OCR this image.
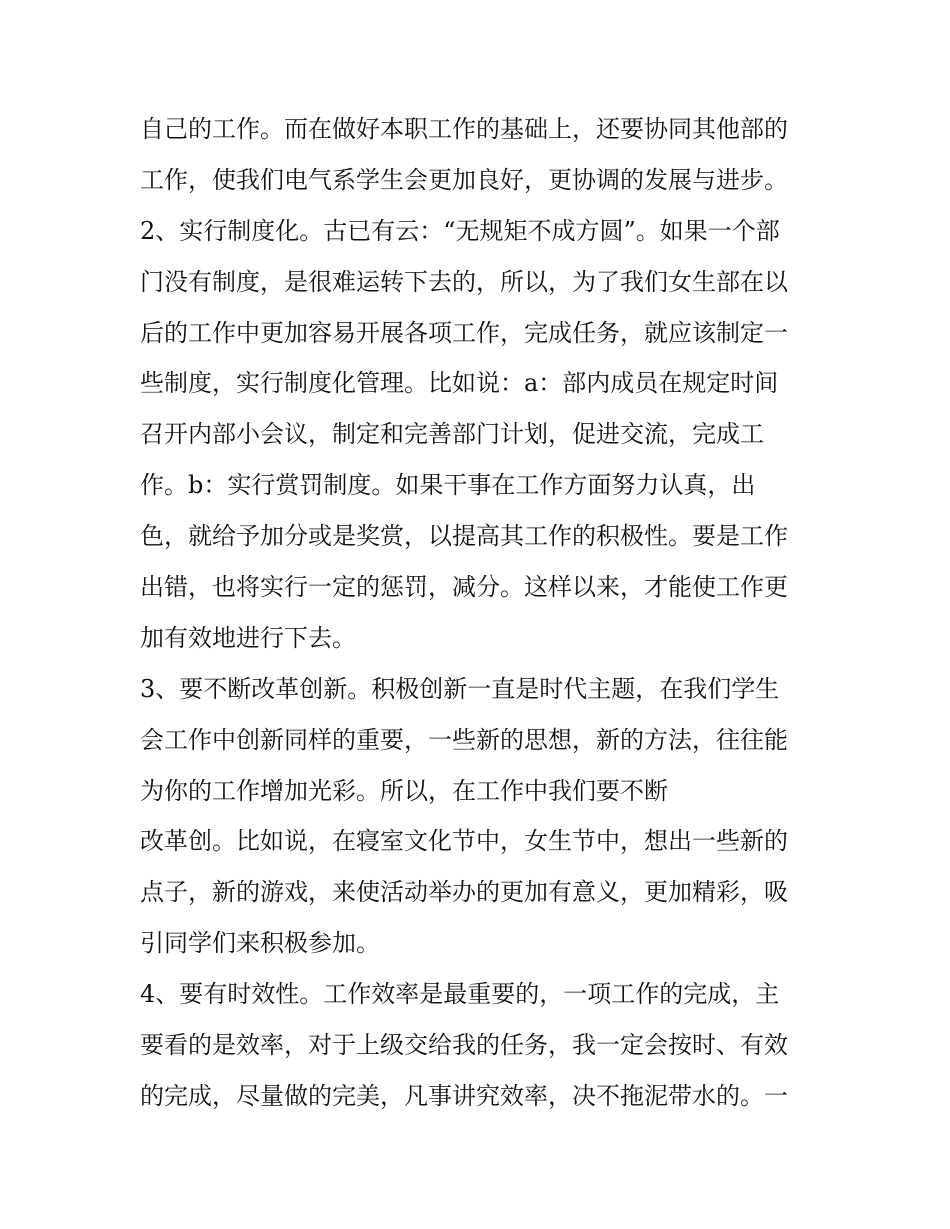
自己的工作。而在做好本职工作的基础上，还要协同其他部的
工作，使我们电气系学生会更加良好，更协调的发展与进步。
2、实行制度化。古已有云：“无规矩不成方圆”。如果一个部
门没有制度，是很难运转下去的，所以，为了我们女生部在以
后的工作中更加容易开展各项工作，完成任务，就应该制定一
些制度，实行制度化管理。比如说：a：部内成员在规定时间
召开内部小会议，制定和完善部门计划，促进交流，完成工
作。b：实行赏罚制度。如果干事在工作方面努力认真，出
色，就给予加分或是奖赏，以提高其工作的积极性。要是工作
出错，也将实行一定的惩罚，减分。这样以来，才能使工作更
加有效地进行下去。
3、要不断改革创新。积极创新一直是时代主题，在我们学生
会工作中创新同样的重要，一些新的思想，新的方法，往往能
为你的工作增加光彩。所以，在工作中我们要不断
改革创。比如说，在寝室文化节中，女生节中，想出一些新的
点子，新的游戏，来使活动举办的更加有意义，更加精彩，吸
引同学们来积极参加。
4、要有时效性。工作效率是最重要的，一项工作的完成，主
要看的是效率，对于上级交给我的任务，我一定会按时、有效
的完成，尽量做的完美，凡事讲究效率，决不拖泥带水的。一
